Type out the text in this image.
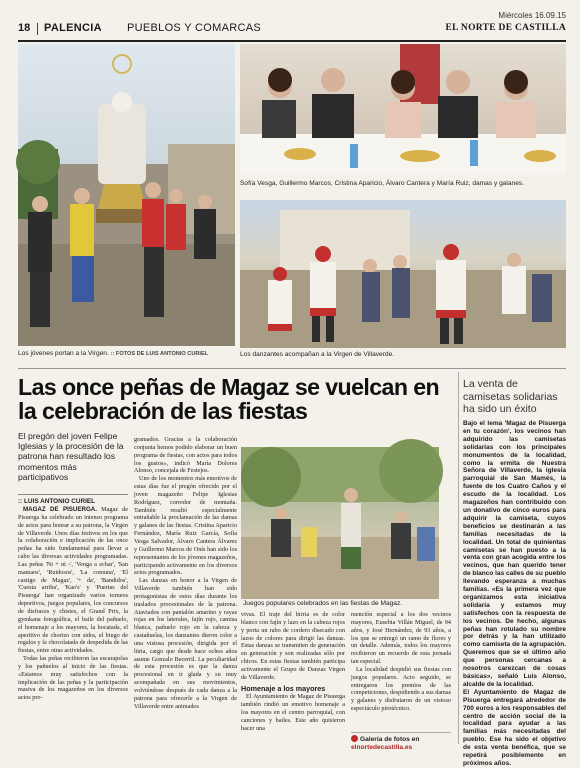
Miércoles 16.09.15
18 PALENCIA PUEBLOS Y COMARCAS	EL NORTE DE CASTILLA
Los jóvenes portan a la Virgen. :: FOTOS DE LUIS ANTONIO CURIEL
Sofía Vesga, Guillermo Marcos, Cristina Aparicio, Álvaro Cantera y María Ruiz, damas y galanes.
Los danzantes acompañan a la Virgen de Villaverde.
Las once peñas de Magaz se vuelcan en la celebración de las fiestas
La venta de camisetas solidarias ha sido un éxito
El pregón del joven Felipe Iglesias y la procesión de la patrona han resultado los momentos más participativos
:: LUIS ANTONIO CURIEL

MAGAZ DE PISUERGA. Magaz de Pisuerga ha celebrado un intenso programa de actos para honrar a su patrona, la Virgen de Villaverde. Unos días festivos en los que la colaboración e implicación de las once peñas ha sido fundamental para llevar a cabo las diversas actividades programadas. Las peñas 'Ni + ni -', 'Venga a echar', 'San mamaos', 'Ruidosos', 'La comuna', 'El castigo de Magaz', '+ da', 'Bandidos', 'Cuesta arriba', 'Kao's' y 'Puertas del Pisuerga' han organizado varios torneos deportivos, juegos populares, los concursos de disfraces y chistes, el Grand Prix, la gymkana fotográfica, el baile del pañuelo, el homenaje a los mayores, la hocatada, el aperitivo de chorizo con sidra, el bingo de regalos y la chocolatada de despedida de las fiestas, entre otras actividades.

Todas las peñas recibieron las escarapelas y los pañuelos al inicio de las fiestas. «Estamos muy satisfechos con la implicación de las peñas y la participación masiva de los magazeños en los diversos actos pro-

gramados. Gracias a la colaboración conjunta hemos podido elaborar un buen programa de fiestas, con actos para todos los gustos», indicó María Dolores Alonso, concejala de Festejos.

Uno de los momentos más emotivos de estas días fue el pregón ofrecido por el joven magazeño Felipe Iglesias Rodríguez, corredor de montaña. También resultó especialmente entrañable la proclamación de las damas y galanes de las fiestas. Cristina Aparicio Fernández, María Ruiz García, Sofía Vesga Salvador, Álvaro Cantera Álvarez y Guillermo Marcos de Onís han sido los representantes de los jóvenes magazeños, participando activamente en los diversos actos programados.

Las danzas en honor a la Virgen de Villaverde también han sido protagonistas de estos días durante los traslados procesionales de la patrona. Ataviados con pantalón amarino y rayas rojas en los laterales, fajín rojo, camisa blanca, pañuelo rojo en la cabeza y castañuelas, los danzantes dieron color a una vistosa procesión, dirigida por el lüria, cargo que desde hace ochos años asume Gonzalo Becerril. La peculiaridad de esta procesión es que la danza procesional en ir glada y su muy acompañada en sus movimientos, volviéndose después de cada danza a la patrona para ofrecerle a la Virgen de Villaverde entre animados

Juegos populares celebrados en las fiestas de Magaz.

vivas. El traje del birria es de color blanco con fajín y lazo en la cabeza rojos y porta un rabo de cordero disecado con lazos de colores para dirigir las danzas. Estas danzas se transmiten de generación en generación y son realizadas sólo por chicos. En estas fiestas también participa activamente el Grupo de Danzas Virgen de Villaverde.

Homenaje a los mayores

El Ayuntamiento de Magaz de Pisuerga también rindió un emotivo homenaje a los mayores en el centro parroquial, con canciones y bailes. Este año quisieron hacer una

mención especial a los dos vecinos mayores, Eusebia Villán Miguel, de 94 años, y José Hernández, de 93 años, a los que se entregó un ramo de flores y un detalle. Además, todos los mayores recibieron un recuerdo de esta jornada tan especial.

La localidad despidió sus fiestas con juegos populares. Acto seguido, se entregaron los premios de las competiciones, despidiendo a sus damas y galanes y disfrutaron de un vistoso espectáculo pirotécnico.

Galería de fotos en
elnortedecastilla.es

Bajo el lema 'Magaz de Pisuerga en tu corazón', los vecinos han adquirido las camisetas solidarias con los principales monumentos de la localidad, como la ermita de Nuestra Señora de Villaverde, la iglesia parroquial de San Mamés, la fuente de los Cuatro Caños y el escudo de la localidad. Los magazeños han contribuido con un donativo de cinco euros para adquirir la camiseta, cuyos beneficios se destinarán a las familias necesitadas de la localidad. Un total de quinientas camisetas se han puesto a la venta con gran acogida entre los vecinos, que han querido tener de blanco las calles de su pueblo llevando esperanza a muchas familias. «Es la primera vez que organizamos esta iniciativa solidaria y estamos muy satisfechos con la respuesta de los vecinos. De hecho, algunas peñas han rotulado su nombre por detrás y la han utilizado como camiseta de la agrupación. Queremos que se el último año que personas cercanas a nosotros carezcan de cosas básicas», señaló Luis Alonso, alcalde de la localidad.

El Ayuntamiento de Magaz de Pisuerga entregará alrededor de 700 euros a los responsables del centro de acción social de la localidad para ayudar a las familias más necesitadas del pueblo. Ese ha sido el objetivo de esta venta benéfica, que se repetirá posiblemente en próximos años.
